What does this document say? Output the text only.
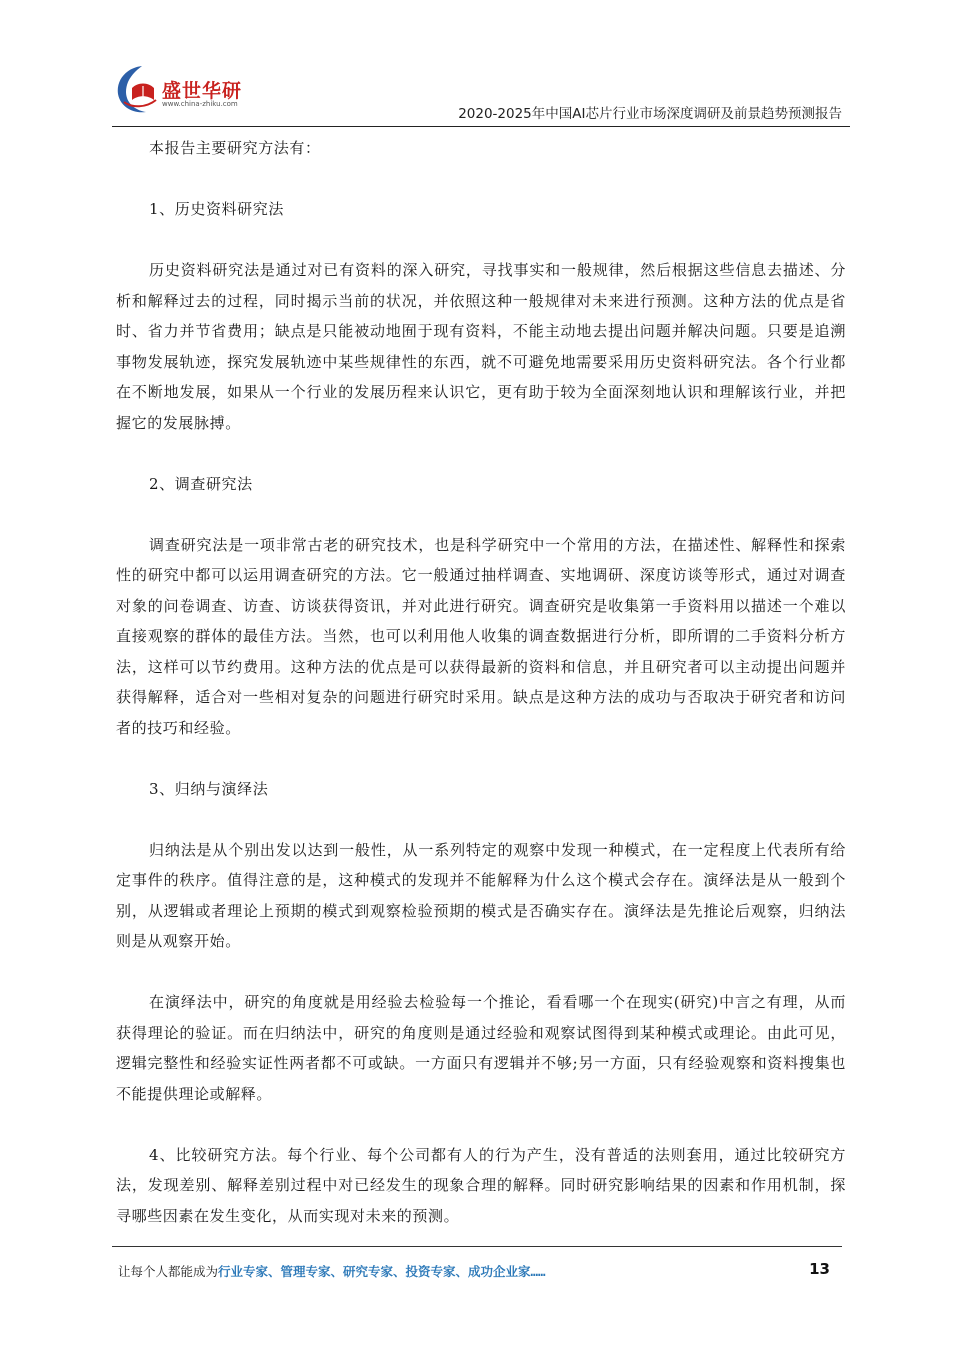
盛世华研
www.china-zhiku.com
2020-2025年中国AI芯片行业市场深度调研及前景趋势预测报告

本报告主要研究方法有：

1、历史资料研究法

历史资料研究法是通过对已有资料的深入研究，寻找事实和一般规律，然后根据这些信息去描述、分析和解释过去的过程，同时揭示当前的状况，并依照这种一般规律对未来进行预测。这种方法的优点是省时、省力并节省费用；缺点是只能被动地囿于现有资料，不能主动地去提出问题并解决问题。只要是追溯事物发展轨迹，探究发展轨迹中某些规律性的东西，就不可避免地需要采用历史资料研究法。各个行业都在不断地发展，如果从一个行业的发展历程来认识它，更有助于较为全面深刻地认识和理解该行业，并把握它的发展脉搏。

2、调查研究法

调查研究法是一项非常古老的研究技术，也是科学研究中一个常用的方法，在描述性、解释性和探索性的研究中都可以运用调查研究的方法。它一般通过抽样调查、实地调研、深度访谈等形式，通过对调查对象的问卷调查、访查、访谈获得资讯，并对此进行研究。调查研究是收集第一手资料用以描述一个难以直接观察的群体的最佳方法。当然，也可以利用他人收集的调查数据进行分析，即所谓的二手资料分析方法，这样可以节约费用。这种方法的优点是可以获得最新的资料和信息，并且研究者可以主动提出问题并获得解释，适合对一些相对复杂的问题进行研究时采用。缺点是这种方法的成功与否取决于研究者和访问者的技巧和经验。

3、归纳与演绎法

归纳法是从个别出发以达到一般性，从一系列特定的观察中发现一种模式，在一定程度上代表所有给定事件的秩序。值得注意的是，这种模式的发现并不能解释为什么这个模式会存在。演绎法是从一般到个别，从逻辑或者理论上预期的模式到观察检验预期的模式是否确实存在。演绎法是先推论后观察，归纳法则是从观察开始。

在演绎法中，研究的角度就是用经验去检验每一个推论，看看哪一个在现实(研究)中言之有理，从而获得理论的验证。而在归纳法中，研究的角度则是通过经验和观察试图得到某种模式或理论。由此可见，逻辑完整性和经验实证性两者都不可或缺。一方面只有逻辑并不够;另一方面，只有经验观察和资料搜集也不能提供理论或解释。

4、比较研究方法。每个行业、每个公司都有人的行为产生，没有普适的法则套用，通过比较研究方法，发现差别、解释差别过程中对已经发生的现象合理的解释。同时研究影响结果的因素和作用机制，探寻哪些因素在发生变化，从而实现对未来的预测。

让每个人都能成为行业专家、管理专家、研究专家、投资专家、成功企业家……	13
